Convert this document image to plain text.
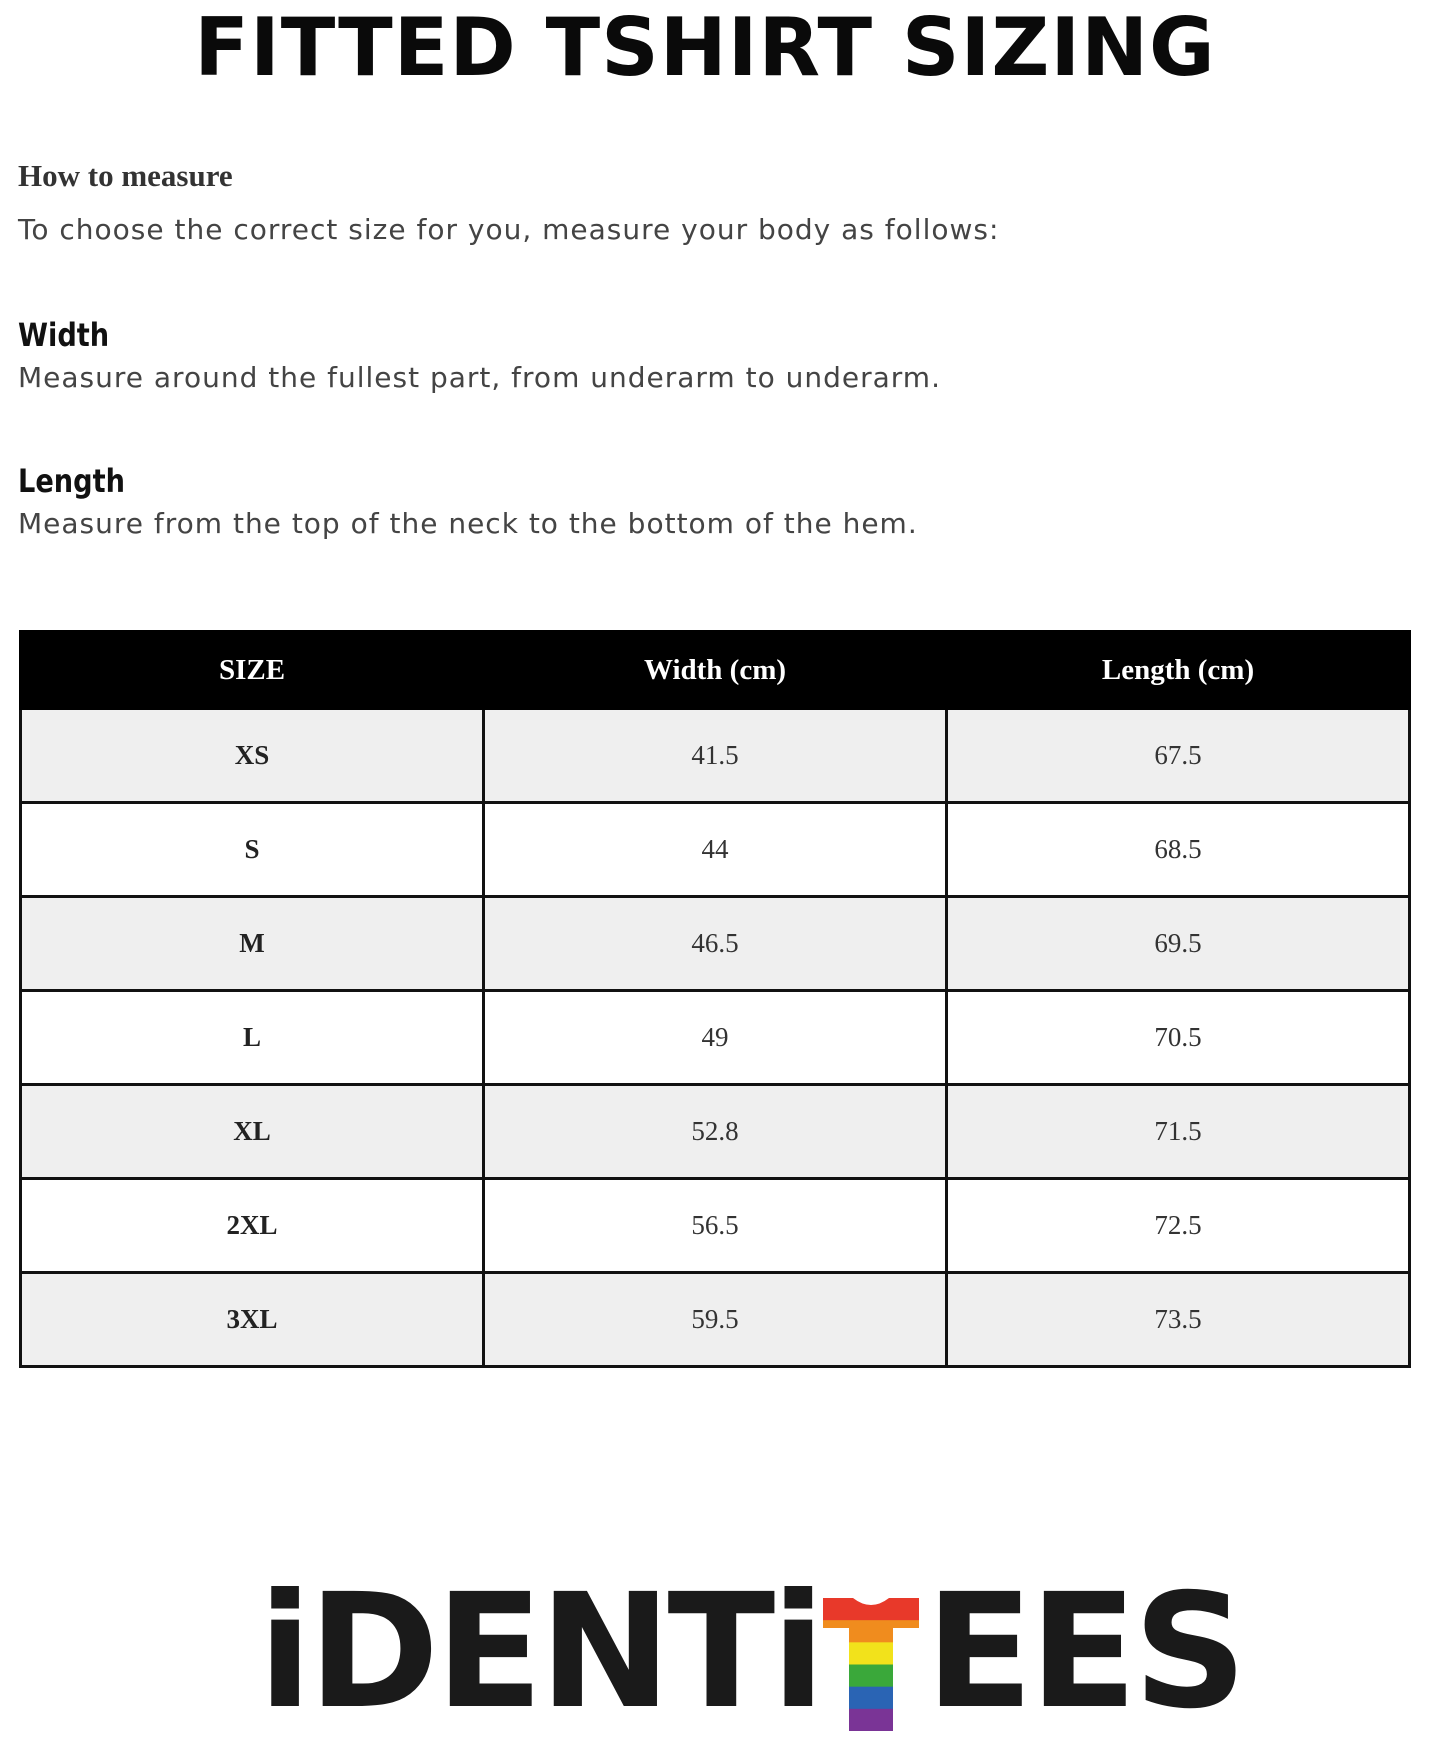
FITTED TSHIRT SIZING
How to measure
To choose the correct size for you, measure your body as follows:
Width
Measure around the fullest part, from underarm to underarm.
Length
Measure from the top of the neck to the bottom of the hem.
SIZE	Width (cm)	Length (cm)
XS	41.5	67.5
S	44	68.5
M	46.5	69.5
L	49	70.5
XL	52.8	71.5
2XL	56.5	72.5
3XL	59.5	73.5
iDENTi EES
